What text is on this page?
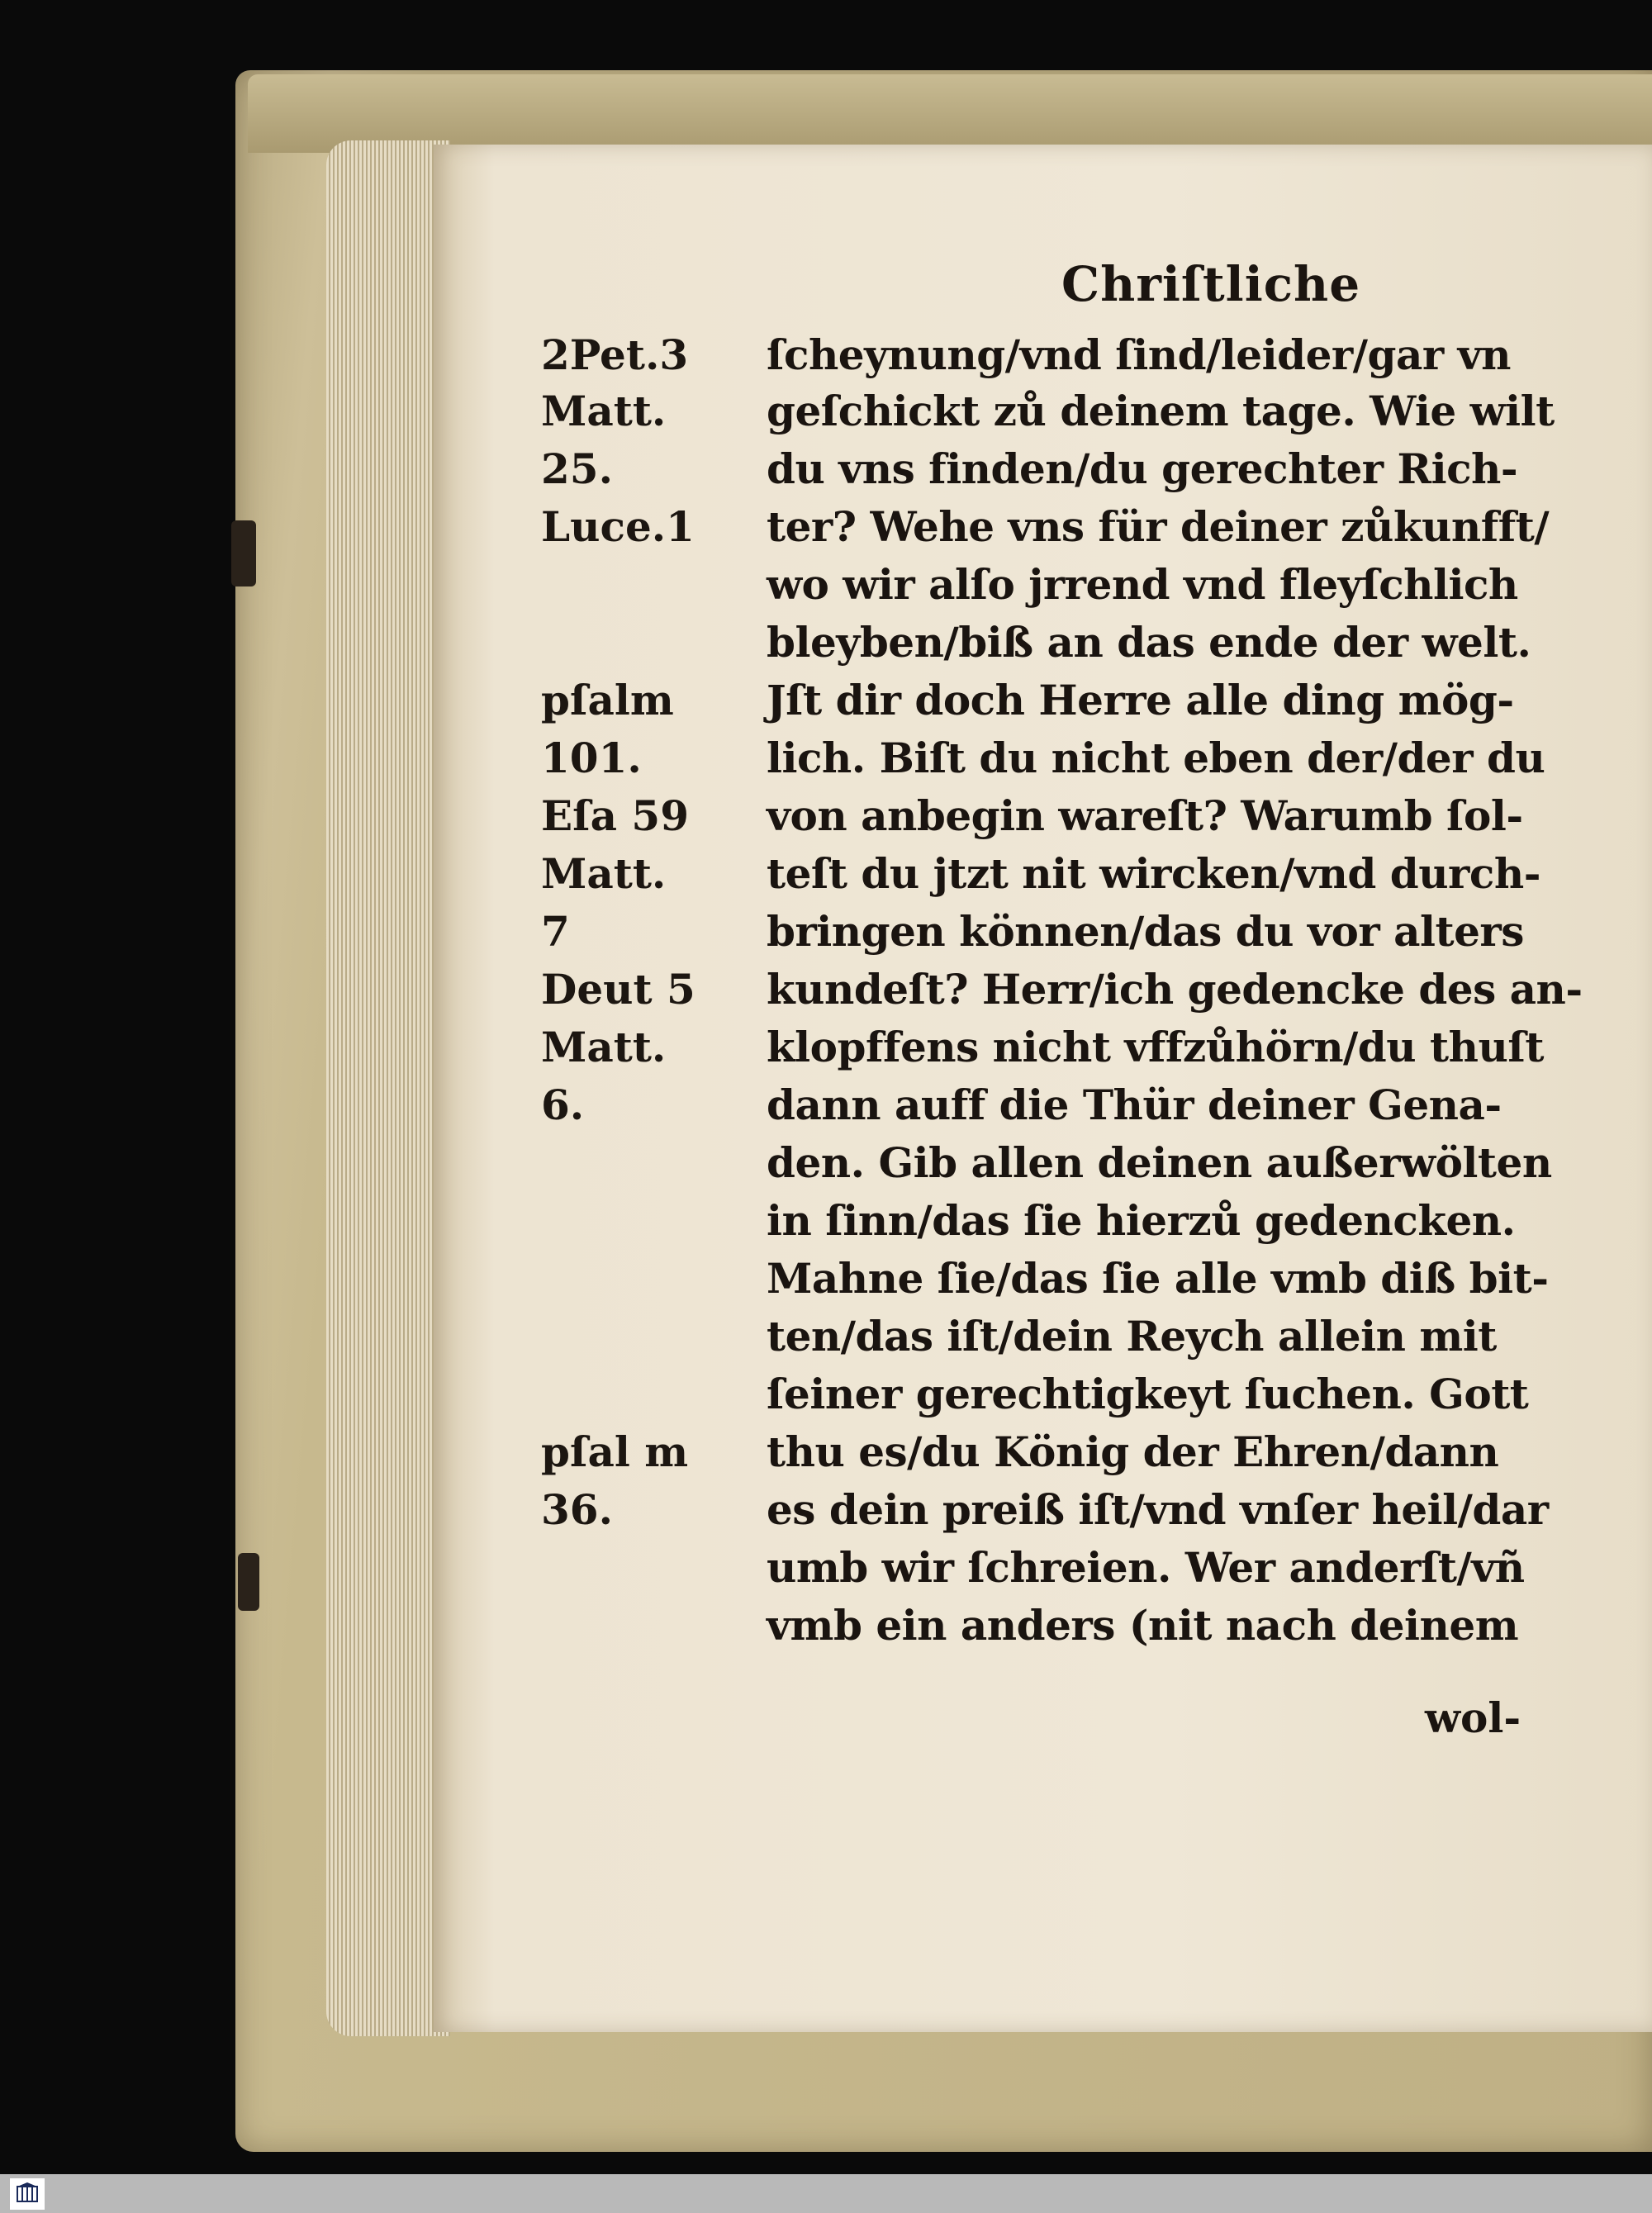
Chriſtliche
2Pet.3
Matt.
25.
Luce.1
pſalm
101.
Eſa 59
Matt.
7
Deut 5
Matt.
6.
pſal m
36.
ſcheynung/vnd ſind/leider/gar vn
geſchickt zů deinem tage. Wie wilt
du vns finden/du gerechter Rich-
ter? Wehe vns für deiner zůkunfft/
wo wir alſo jrrend vnd fleyſchlich
bleyben/biß an das ende der welt.
Jſt dir doch Herre alle ding mög-
lich. Biſt du nicht eben der/der du
von anbegin wareſt? Warumb ſol-
teſt du jtzt nit wircken/vnd durch-
bringen können/das du vor alters
kundeſt? Herr/ich gedencke des an-
klopffens nicht vffzůhörn/du thuſt
dann auff die Thür deiner Gena-
den. Gib allen deinen außerwölten
in ſinn/das ſie hierzů gedencken.
Mahne ſie/das ſie alle vmb diß bit-
ten/das iſt/dein Reych allein mit
ſeiner gerechtigkeyt ſuchen. Gott
thu es/du König der Ehren/dann
es dein preiß iſt/vnd vnſer heil/dar
umb wir ſchreien. Wer anderſt/vñ
vmb ein anders (nit nach deinem
wol-
